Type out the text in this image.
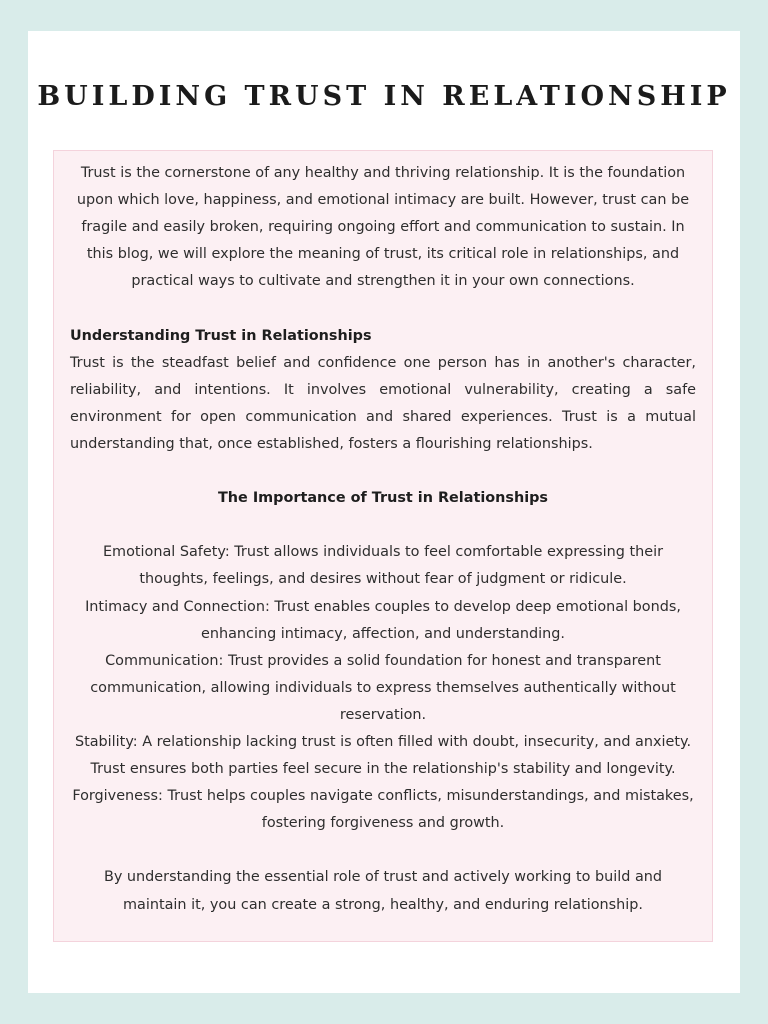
BUILDING TRUST IN RELATIONSHIP

Trust is the cornerstone of any healthy and thriving relationship. It is the foundation upon which love, happiness, and emotional intimacy are built. However, trust can be fragile and easily broken, requiring ongoing effort and communication to sustain. In this blog, we will explore the meaning of trust, its critical role in relationships, and practical ways to cultivate and strengthen it in your own connections.

Understanding Trust in Relationships

Trust is the steadfast belief and confidence one person has in another's character, reliability, and intentions. It involves emotional vulnerability, creating a safe environment for open communication and shared experiences. Trust is a mutual understanding that, once established, fosters a flourishing relationships.

The Importance of Trust in Relationships

Emotional Safety: Trust allows individuals to feel comfortable expressing their thoughts, feelings, and desires without fear of judgment or ridicule.

Intimacy and Connection: Trust enables couples to develop deep emotional bonds, enhancing intimacy, affection, and understanding.

Communication: Trust provides a solid foundation for honest and transparent communication, allowing individuals to express themselves authentically without reservation.

Stability: A relationship lacking trust is often filled with doubt, insecurity, and anxiety. Trust ensures both parties feel secure in the relationship's stability and longevity.

Forgiveness: Trust helps couples navigate conflicts, misunderstandings, and mistakes, fostering forgiveness and growth.

By understanding the essential role of trust and actively working to build and maintain it, you can create a strong, healthy, and enduring relationship.
